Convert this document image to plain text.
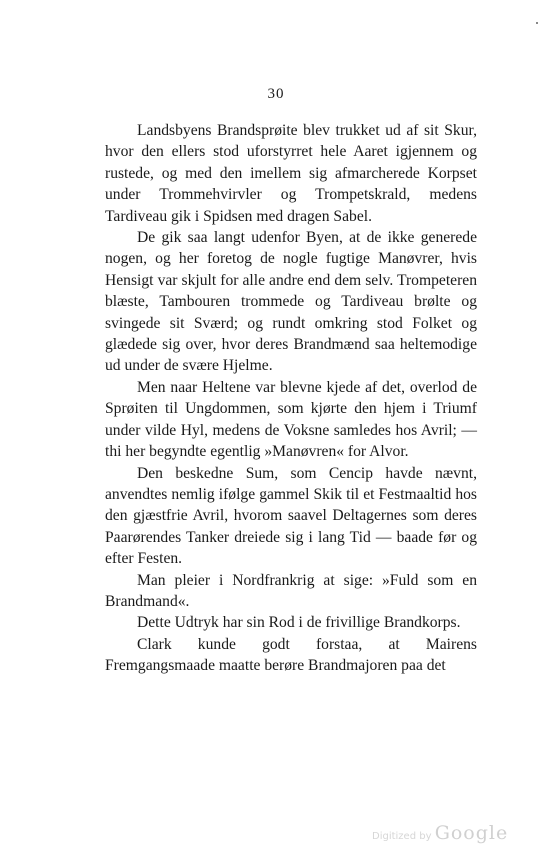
30

Landsbyens Brandsprøite blev trukket ud af sit Skur, hvor den ellers stod uforstyrret hele Aaret igjennem og rustede, og med den imellem sig afmarcherede Korpset under Trommehvirvler og Trompetskrald, medens Tardiveau gik i Spidsen med dragen Sabel.

De gik saa langt udenfor Byen, at de ikke generede nogen, og her foretog de nogle fugtige Manøvrer, hvis Hensigt var skjult for alle andre end dem selv. Trompeteren blæste, Tambouren trommede og Tardiveau brølte og svingede sit Sværd; og rundt omkring stod Folket og glædede sig over, hvor deres Brandmænd saa heltemodige ud under de svære Hjelme.

Men naar Heltene var blevne kjede af det, overlod de Sprøiten til Ungdommen, som kjørte den hjem i Triumf under vilde Hyl, medens de Voksne samledes hos Avril; — thi her begyndte egentlig »Manøvren« for Alvor.

Den beskedne Sum, som Cencip havde nævnt, anvendtes nemlig ifølge gammel Skik til et Festmaaltid hos den gjæstfrie Avril, hvorom saavel Deltagernes som deres Paarørendes Tanker dreiede sig i lang Tid — baade før og efter Festen.

Man pleier i Nordfrankrig at sige: »Fuld som en Brandmand«.

Dette Udtryk har sin Rod i de frivillige Brandkorps.

Clark kunde godt forstaa, at Mairens Fremgangsmaade maatte berøre Brandmajoren paa det

Digitized by Google
